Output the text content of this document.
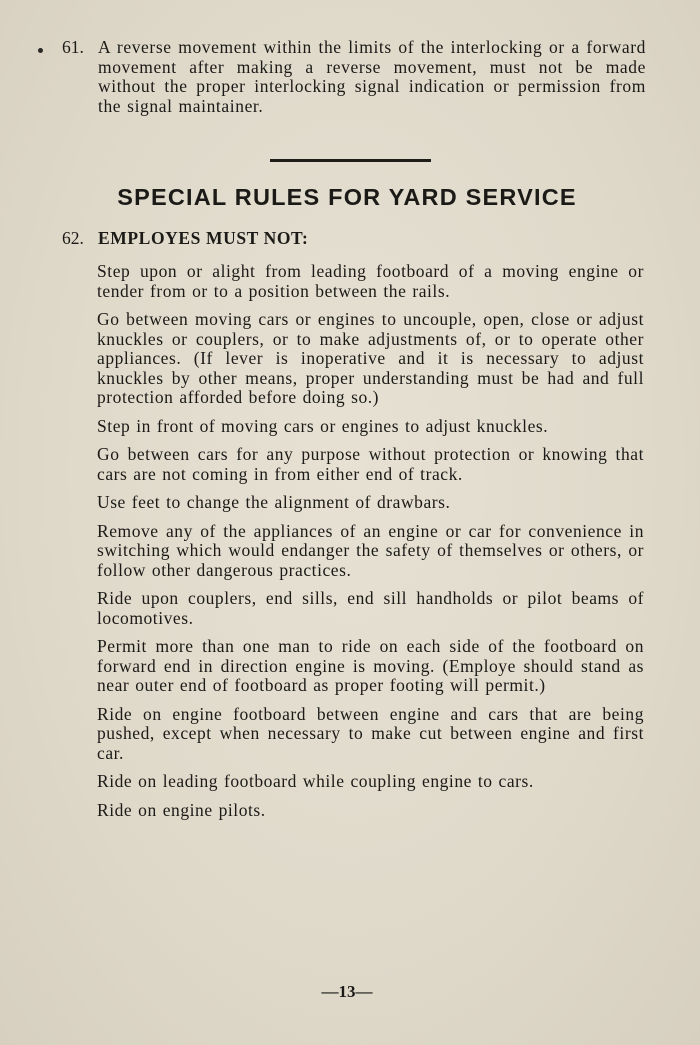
61. A reverse movement within the limits of the interlocking or a forward movement after making a reverse movement, must not be made without the proper interlocking signal indication or permission from the signal maintainer.
SPECIAL RULES FOR YARD SERVICE
62. EMPLOYES MUST NOT:

Step upon or alight from leading footboard of a moving engine or tender from or to a position between the rails.

Go between moving cars or engines to uncouple, open, close or adjust knuckles or couplers, or to make adjustments of, or to operate other appliances. (If lever is inoperative and it is necessary to adjust knuckles by other means, proper understanding must be had and full protection afforded before doing so.)

Step in front of moving cars or engines to adjust knuckles.

Go between cars for any purpose without protection or knowing that cars are not coming in from either end of track.

Use feet to change the alignment of drawbars.

Remove any of the appliances of an engine or car for convenience in switching which would endanger the safety of themselves or others, or follow other dangerous practices.

Ride upon couplers, end sills, end sill handholds or pilot beams of locomotives.

Permit more than one man to ride on each side of the footboard on forward end in direction engine is moving. (Employe should stand as near outer end of footboard as proper footing will permit.)

Ride on engine footboard between engine and cars that are being pushed, except when necessary to make cut between engine and first car.

Ride on leading footboard while coupling engine to cars.

Ride on engine pilots.

—13—
